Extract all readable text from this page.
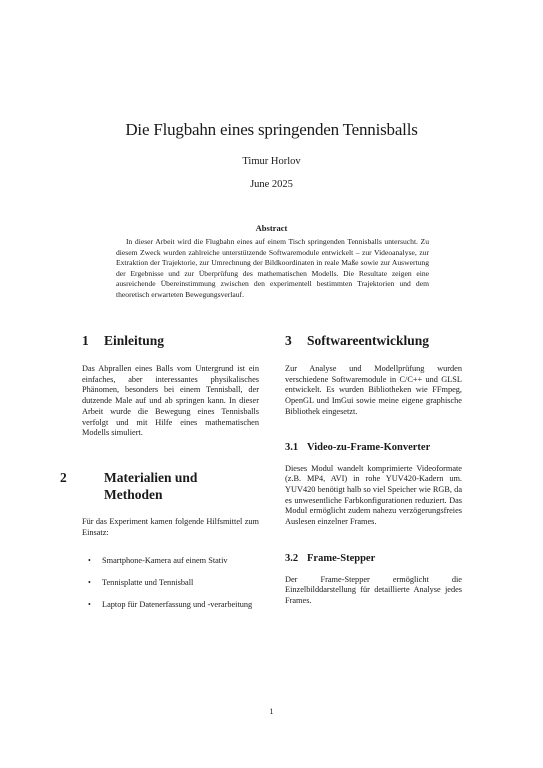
Die Flugbahn eines springenden Tennisballs
Timur Horlov
June 2025
Abstract
In dieser Arbeit wird die Flugbahn eines auf einem Tisch springenden Tennisballs untersucht. Zu diesem Zweck wurden zahlreiche unterstützende Softwaremodule entwickelt – zur Videoanalyse, zur Extraktion der Trajektorie, zur Umrechnung der Bildkoordinaten in reale Maße sowie zur Auswertung der Ergebnisse und zur Überprüfung des mathematischen Modells. Die Resultate zeigen eine ausreichende Übereinstimmung zwischen den experimentell bestimmten Trajektorien und dem theoretisch erwarteten Bewegungsverlauf.
1 Einleitung

Das Abprallen eines Balls vom Untergrund ist ein einfaches, aber interessantes physikalisches Phänomen, besonders bei einem Tennisball, der dutzende Male auf und ab springen kann. In dieser Arbeit wurde die Bewegung eines Tennisballs verfolgt und mit Hilfe eines mathematischen Modells simuliert.

2	Materialien und Methoden

Für das Experiment kamen folgende Hilfsmittel zum Einsatz:

• Smartphone-Kamera auf einem Stativ
• Tennisplatte und Tennisball
• Laptop für Datenerfassung und -verarbeitung
3 Softwareentwicklung

Zur Analyse und Modellprüfung wurden verschiedene Softwaremodule in C/C++ und GLSL entwickelt. Es wurden Bibliotheken wie FFmpeg, OpenGL und ImGui sowie meine eigene graphische Bibliothek eingesetzt.

3.1 Video-zu-Frame-Konverter

Dieses Modul wandelt komprimierte Videoformate (z.B. MP4, AVI) in rohe YUV420-Kadern um. YUV420 benötigt halb so viel Speicher wie RGB, da es unwesentliche Farbkonfigurationen reduziert. Das Modul ermöglicht zudem nahezu verzögerungsfreies Auslesen einzelner Frames.

3.2 Frame-Stepper

Der Frame-Stepper ermöglicht die Einzelbilddarstellung für detaillierte Analyse jedes Frames.

1
